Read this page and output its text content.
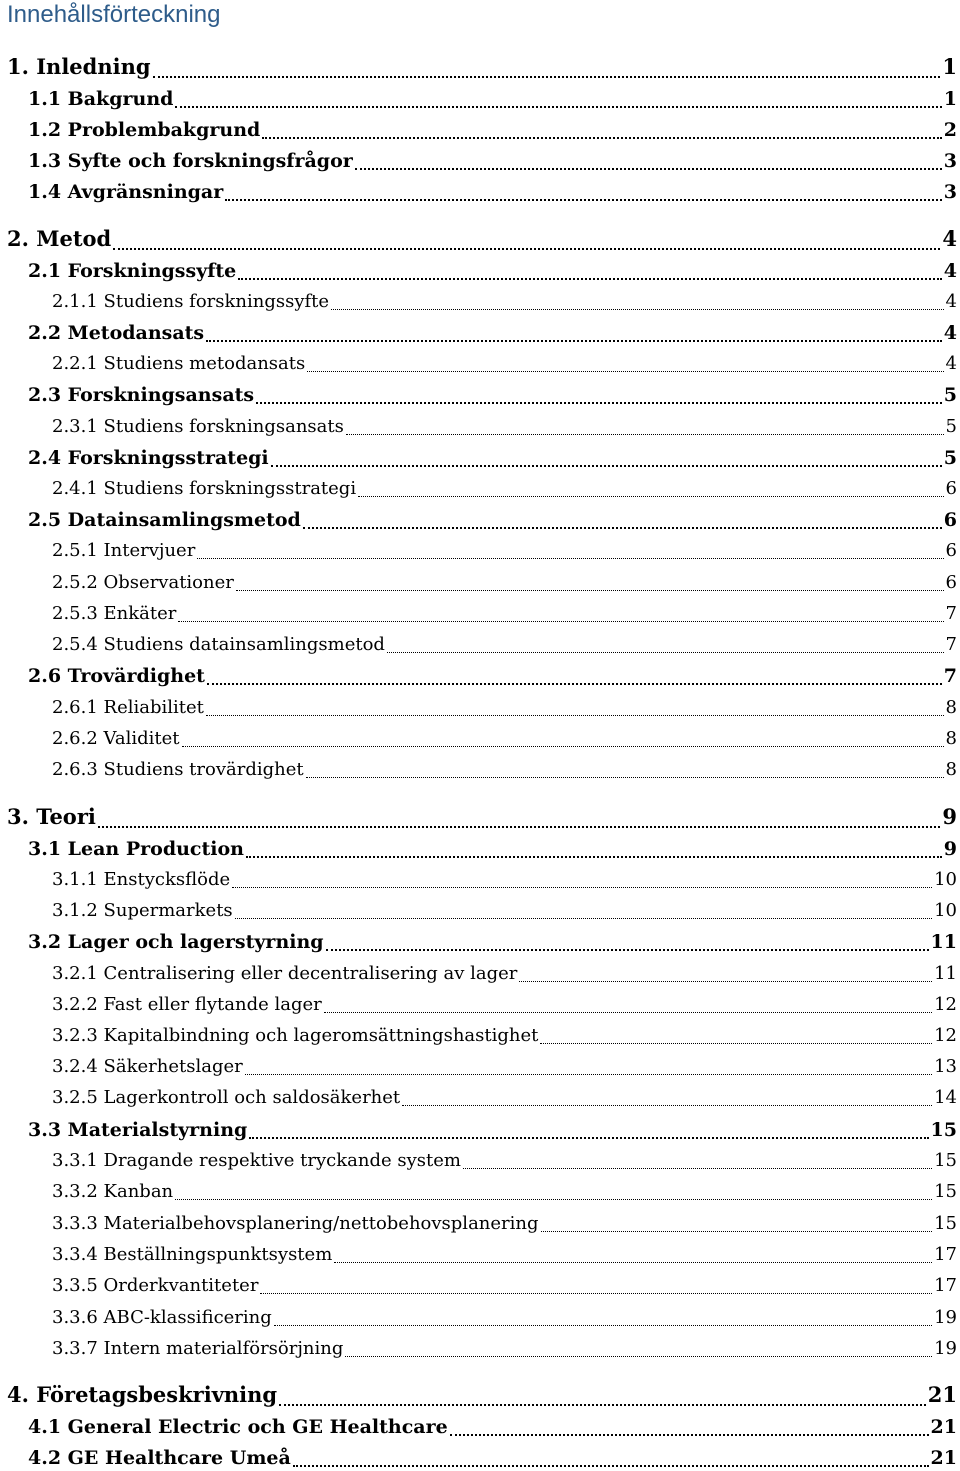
Innehållsförteckning
1. Inledning	1
1.1 Bakgrund	1
1.2 Problembakgrund	2
1.3 Syfte och forskningsfrågor	3
1.4 Avgränsningar	3
2. Metod	4
2.1 Forskningssyfte	4
2.1.1 Studiens forskningssyfte	4
2.2 Metodansats	4
2.2.1 Studiens metodansats	4
2.3 Forskningsansats	5
2.3.1 Studiens forskningsansats	5
2.4 Forskningsstrategi	5
2.4.1 Studiens forskningsstrategi	6
2.5 Datainsamlingsmetod	6
2.5.1 Intervjuer	6
2.5.2 Observationer	6
2.5.3 Enkäter	7
2.5.4 Studiens datainsamlingsmetod	7
2.6 Trovärdighet	7
2.6.1 Reliabilitet	8
2.6.2 Validitet	8
2.6.3 Studiens trovärdighet	8
3. Teori	9
3.1 Lean Production	9
3.1.1 Enstycksflöde	10
3.1.2 Supermarkets	10
3.2 Lager och lagerstyrning	11
3.2.1 Centralisering eller decentralisering av lager	11
3.2.2 Fast eller flytande lager	12
3.2.3 Kapitalbindning och lageromsättningshastighet	12
3.2.4 Säkerhetslager	13
3.2.5 Lagerkontroll och saldosäkerhet	14
3.3 Materialstyrning	15
3.3.1 Dragande respektive tryckande system	15
3.3.2 Kanban	15
3.3.3 Materialbehovsplanering/nettobehovsplanering	15
3.3.4 Beställningspunktsystem	17
3.3.5 Orderkvantiteter	17
3.3.6 ABC-klassificering	19
3.3.7 Intern materialförsörjning	19
4. Företagsbeskrivning	21
4.1 General Electric och GE Healthcare	21
4.2 GE Healthcare Umeå	21
